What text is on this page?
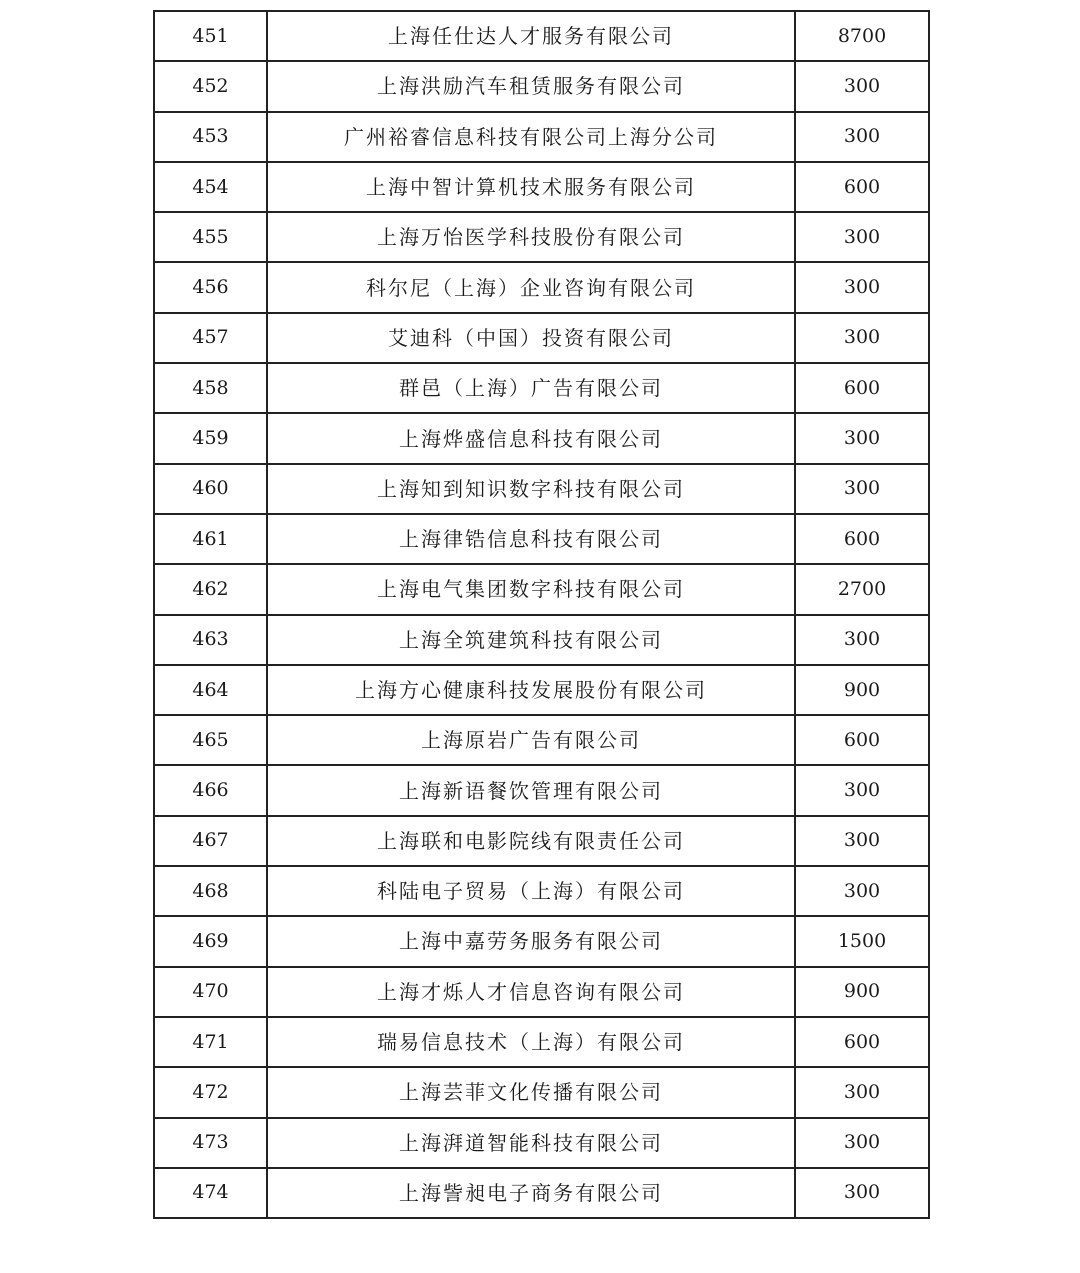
451	上海任仕达人才服务有限公司	8700
452	上海洪励汽车租赁服务有限公司	300
453	广州裕睿信息科技有限公司上海分公司	300
454	上海中智计算机技术服务有限公司	600
455	上海万怡医学科技股份有限公司	300
456	科尔尼（上海）企业咨询有限公司	300
457	艾迪科（中国）投资有限公司	300
458	群邑（上海）广告有限公司	600
459	上海烨盛信息科技有限公司	300
460	上海知到知识数字科技有限公司	300
461	上海律锆信息科技有限公司	600
462	上海电气集团数字科技有限公司	2700
463	上海全筑建筑科技有限公司	300
464	上海方心健康科技发展股份有限公司	900
465	上海原岩广告有限公司	600
466	上海新语餐饮管理有限公司	300
467	上海联和电影院线有限责任公司	300
468	科陆电子贸易（上海）有限公司	300
469	上海中嘉劳务服务有限公司	1500
470	上海才烁人才信息咨询有限公司	900
471	瑞易信息技术（上海）有限公司	600
472	上海芸菲文化传播有限公司	300
473	上海湃道智能科技有限公司	300
474	上海訾昶电子商务有限公司	300
